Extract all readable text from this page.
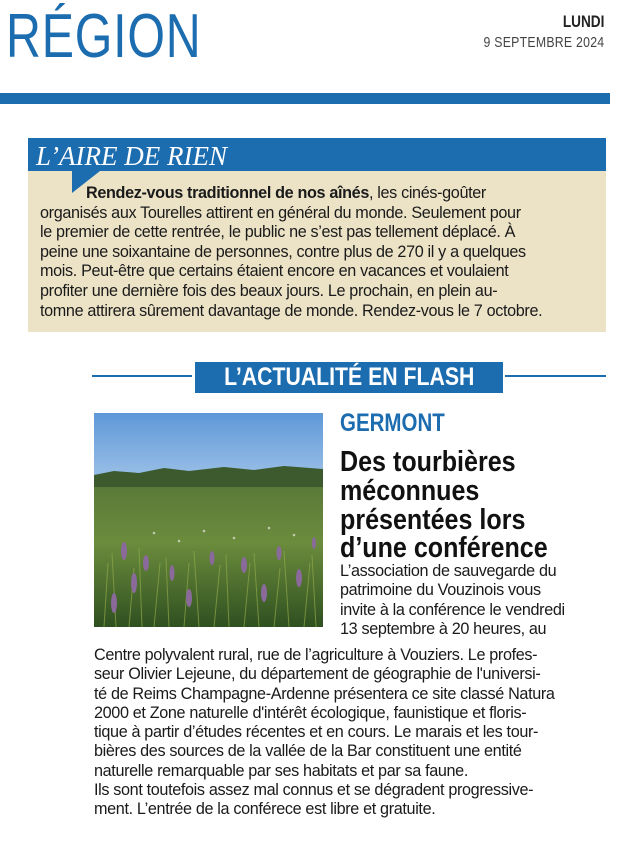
RÉGION	LUNDI
9 SEPTEMBRE 2024
L’AIRE DE RIEN
Rendez-vous traditionnel de nos aînés, les cinés-goûter
organisés aux Tourelles attirent en général du monde. Seulement pour
le premier de cette rentrée, le public ne s’est pas tellement déplacé. À
peine une soixantaine de personnes, contre plus de 270 il y a quelques
mois. Peut-être que certains étaient encore en vacances et voulaient
profiter une dernière fois des beaux jours. Le prochain, en plein au-
tomne attirera sûrement davantage de monde. Rendez-vous le 7 octobre.
L’ACTUALITÉ EN FLASH
GERMONT
Des tourbières
méconnues
présentées lors
d’une conférence
L’association de sauvegarde du
patrimoine du Vouzinois vous
invite à la conférence le vendredi
13 septembre à 20 heures, au
Centre polyvalent rural, rue de l’agriculture à Vouziers. Le profes-
seur Olivier Lejeune, du département de géographie de l'universi-
té de Reims Champagne-Ardenne présentera ce site classé Natura
2000 et Zone naturelle d'intérêt écologique, faunistique et floris-
tique à partir d’études récentes et en cours. Le marais et les tour-
bières des sources de la vallée de la Bar constituent une entité
naturelle remarquable par ses habitats et par sa faune.
Ils sont toutefois assez mal connus et se dégradent progressive-
ment. L’entrée de la conférece est libre et gratuite.
